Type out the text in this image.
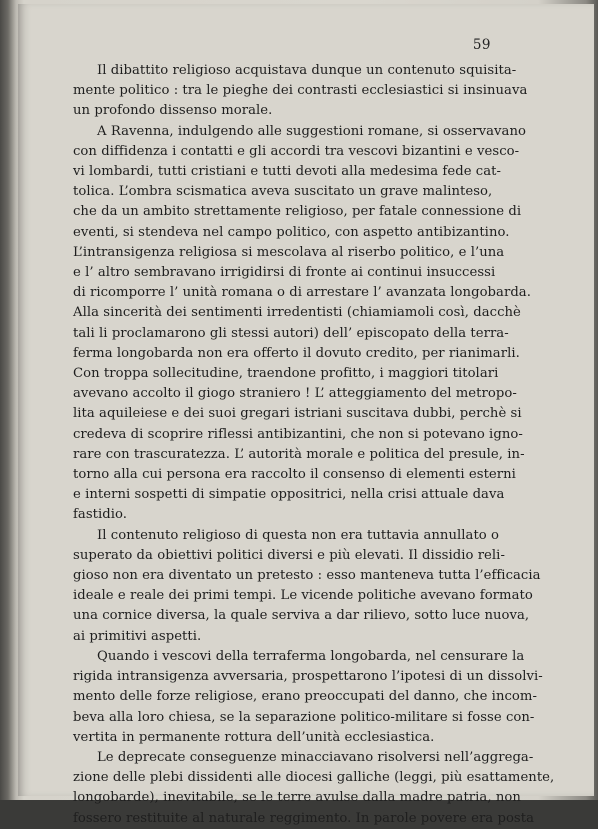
59
Il dibattito religioso acquistava dunque un contenuto squisita-
mente politico : tra le pieghe dei contrasti ecclesiastici si insinuava
un profondo dissenso morale.
A Ravenna, indulgendo alle suggestioni romane, si osservavano
con diffidenza i contatti e gli accordi tra vescovi bizantini e vesco-
vi lombardi, tutti cristiani e tutti devoti alla medesima fede cat-
tolica. L’ombra scismatica aveva suscitato un grave malinteso,
che da un ambito strettamente religioso, per fatale connessione di
eventi, si stendeva nel campo politico, con aspetto antibizantino.
L’intransigenza religiosa si mescolava al riserbo politico, e l’una
e l’ altro sembravano irrigidirsi di fronte ai continui insuccessi
di ricomporre l’ unità romana o di arrestare l’ avanzata longobarda.
Alla sincerità dei sentimenti irredentisti (chiamiamoli così, dacchè
tali li proclamarono gli stessi autori) dell’ episcopato della terra-
ferma longobarda non era offerto il dovuto credito, per rianimarli.
Con troppa sollecitudine, traendone profitto, i maggiori titolari
avevano accolto il giogo straniero ! L’ atteggiamento del metropo-
lita aquileiese e dei suoi gregari istriani suscitava dubbi, perchè si
credeva di scoprire riflessi antibizantini, che non si potevano igno-
rare con trascuratezza. L’ autorità morale e politica del presule, in-
torno alla cui persona era raccolto il consenso di elementi esterni
e interni sospetti di simpatie oppositrici, nella crisi attuale dava
fastidio.
Il contenuto religioso di questa non era tuttavia annullato o
superato da obiettivi politici diversi e più elevati. Il dissidio reli-
gioso non era diventato un pretesto : esso manteneva tutta l’efficacia
ideale e reale dei primi tempi. Le vicende politiche avevano formato
una cornice diversa, la quale serviva a dar rilievo, sotto luce nuova,
ai primitivi aspetti.
Quando i vescovi della terraferma longobarda, nel censurare la
rigida intransigenza avversaria, prospettarono l’ipotesi di un dissolvi-
mento delle forze religiose, erano preoccupati del danno, che incom-
beva alla loro chiesa, se la separazione politico-militare si fosse con-
vertita in permanente rottura dell’unità ecclesiastica.
Le deprecate conseguenze minacciavano risolversi nell’aggrega-
zione delle plebi dissidenti alle diocesi galliche (leggi, più esattamente,
longobarde), inevitabile, se le terre avulse dalla madre patria, non
fossero restituite al naturale reggimento. In parole povere era posta
